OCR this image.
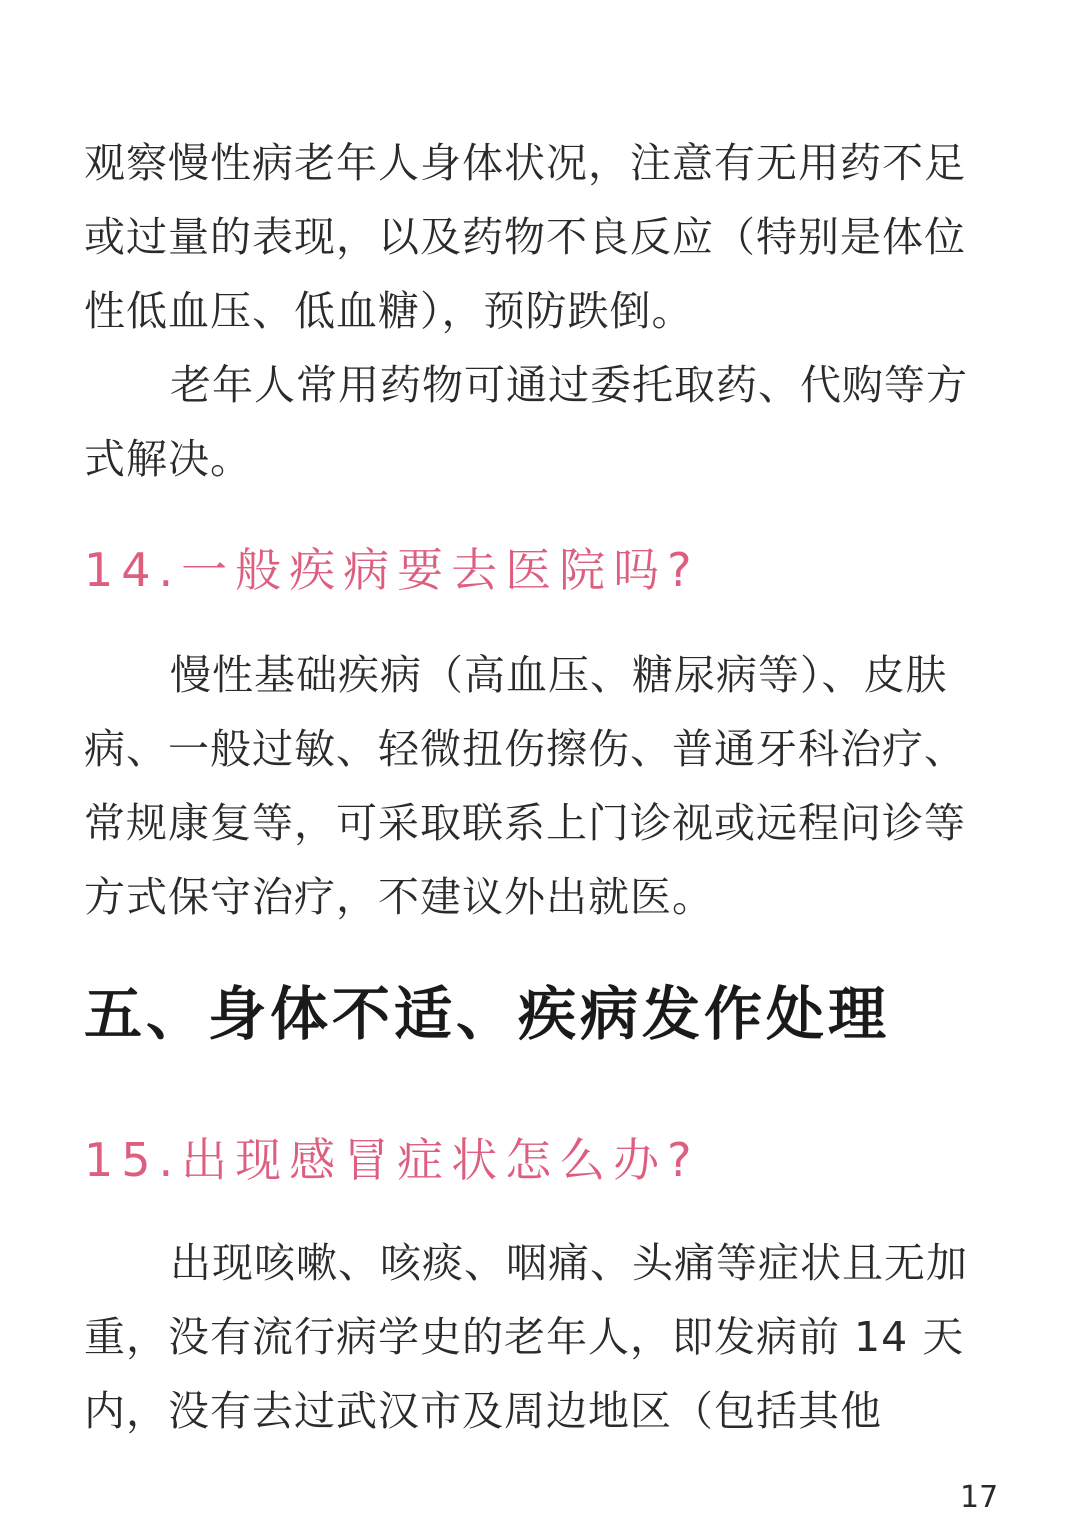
观察慢性病老年人身体状况，注意有无用药不足或过量的表现，以及药物不良反应（特别是体位性低血压、低血糖），预防跌倒。

老年人常用药物可通过委托取药、代购等方式解决。

14.一般疾病要去医院吗?

慢性基础疾病（高血压、糖尿病等）、皮肤病、一般过敏、轻微扭伤擦伤、普通牙科治疗、常规康复等，可采取联系上门诊视或远程问诊等方式保守治疗，不建议外出就医。

五、身体不适、疾病发作处理
15.出现感冒症状怎么办?

出现咳嗽、咳痰、咽痛、头痛等症状且无加重，没有流行病学史的老年人，即发病前 14 天内，没有去过武汉市及周边地区（包括其他

17
